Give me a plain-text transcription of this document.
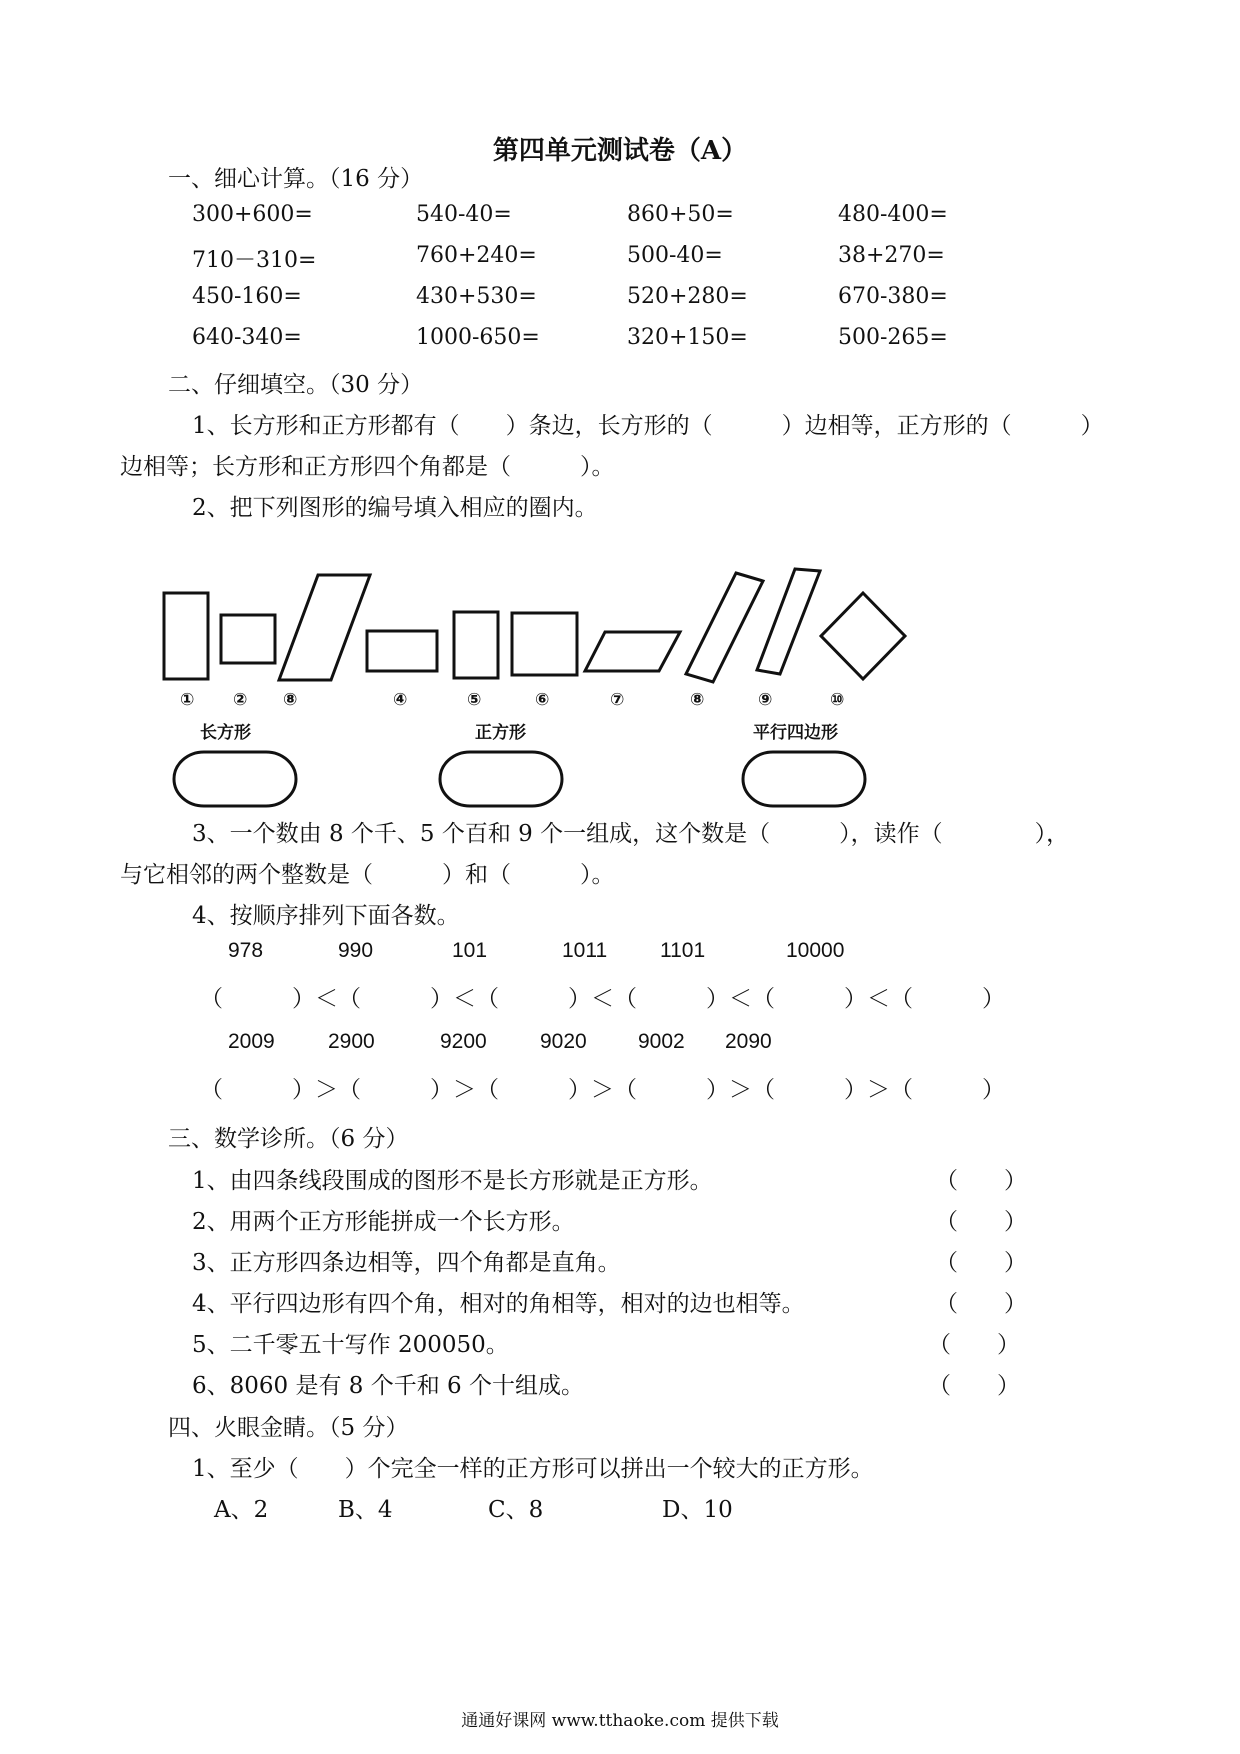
第四单元测试卷（A）
一、细心计算。（16 分）
300+600=	540-40=	860+50=	480-400=
710－310=	760+240=	500-40=	38+270=
450-160=	430+530=	520+280=	670-380=
640-340=	1000-650=	320+150=	500-265=
二、仔细填空。（30 分）
1、长方形和正方形都有（　　）条边，长方形的（　　　）边相等，正方形的（　　　）
边相等；长方形和正方形四个角都是（　　　）。
2、把下列图形的编号填入相应的圈内。
① ② ⑧	④	⑤	⑥	⑦	⑧	⑨	⑩
长方形	正方形	平行四边形
3、一个数由 8 个千、5 个百和 9 个一组成，这个数是（　　　），读作（　　　　），
与它相邻的两个整数是（　　　）和（　　　）。
4、按顺序排列下面各数。
978	990	101	1011	1101	10000
（　　　）＜（　　　）＜（　　　）＜（　　　）＜（　　　）＜（　　　）
2009	2900	9200	9020 9002 2090
（　　　）＞（　　　）＞（　　　）＞（　　　）＞（　　　）＞（　　　）
三、数学诊所。（6 分）
1、由四条线段围成的图形不是长方形就是正方形。	（　　）
2、用两个正方形能拼成一个长方形。	（　　）
3、正方形四条边相等，四个角都是直角。	（　　）
4、平行四边形有四个角，相对的角相等，相对的边也相等。	（　　）
5、二千零五十写作 200050。	（　　）
6、8060 是有 8 个千和 6 个十组成。	（　　）
四、火眼金睛。（5 分）
1、至少（　　）个完全一样的正方形可以拼出一个较大的正方形。
A、2	B、4	C、8	D、10
通通好课网 www.tthaoke.com 提供下载
